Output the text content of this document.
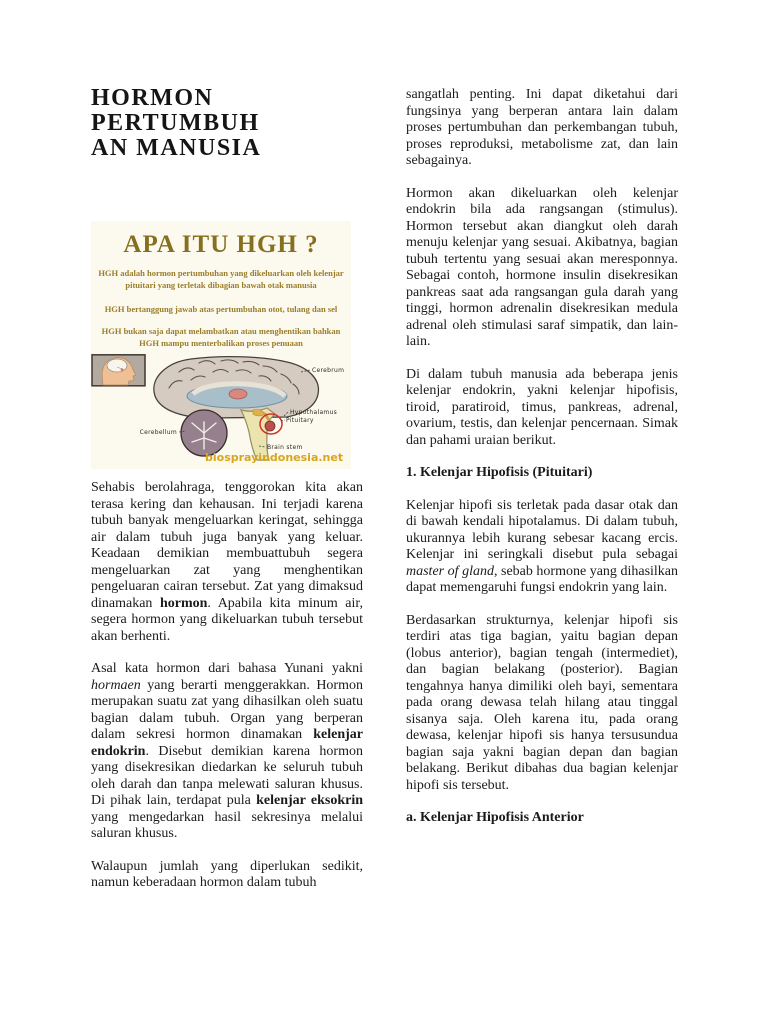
HORMON PERTUMBUH
AN MANUSIA
APA ITU HGH ?
HGH adalah hormon pertumbuhan yang dikeluarkan oleh kelenjar pituitari yang terletak dibagian bawah otak manusia
HGH bertanggung jawab atas pertumbuhan otot, tulang dan sel
HGH bukan saja dapat melambatkan atau menghentikan bahkan HGH mampu menterbalikan proses penuaan
Cerebrum
Hypothalamus
Pituitary
Cerebellum
Brain stem
biosprayindonesia.net

Sehabis berolahraga, tenggorokan kita akan terasa kering dan kehausan. Ini terjadi karena tubuh banyak mengeluarkan keringat, sehingga air dalam tubuh juga banyak yang keluar. Keadaan demikian membuattubuh segera mengeluarkan zat yang menghentikan pengeluaran cairan tersebut. Zat yang dimaksud dinamakan hormon. Apabila kita minum air, segera hormon yang dikeluarkan tubuh tersebut akan berhenti.

Asal kata hormon dari bahasa Yunani yakni hormaen yang berarti menggerakkan. Hormon merupakan suatu zat yang dihasilkan oleh suatu bagian dalam tubuh. Organ yang berperan dalam sekresi hormon dinamakan kelenjar endokrin. Disebut demikian karena hormon yang disekresikan diedarkan ke seluruh tubuh oleh darah dan tanpa melewati saluran khusus. Di pihak lain, terdapat pula kelenjar eksokrin yang mengedarkan hasil sekresinya melalui saluran khusus.

Walaupun jumlah yang diperlukan sedikit, namun keberadaan hormon dalam tubuh

sangatlah penting. Ini dapat diketahui dari fungsinya yang berperan antara lain dalam proses pertumbuhan dan perkembangan tubuh, proses reproduksi, metabolisme zat, dan lain sebagainya.

Hormon akan dikeluarkan oleh kelenjar endokrin bila ada rangsangan (stimulus). Hormon tersebut akan diangkut oleh darah menuju kelenjar yang sesuai. Akibatnya, bagian tubuh tertentu yang sesuai akan meresponnya. Sebagai contoh, hormone insulin disekresikan pankreas saat ada rangsangan gula darah yang tinggi, hormon adrenalin disekresikan medula adrenal oleh stimulasi saraf simpatik, dan lain-lain.

Di dalam tubuh manusia ada beberapa jenis kelenjar endokrin, yakni kelenjar hipofisis, tiroid, paratiroid, timus, pankreas, adrenal, ovarium, testis, dan kelenjar pencernaan. Simak dan pahami uraian berikut.

1. Kelenjar Hipofisis (Pituitari)

Kelenjar hipofi sis terletak pada dasar otak dan di bawah kendali hipotalamus. Di dalam tubuh, ukurannya lebih kurang sebesar kacang ercis. Kelenjar ini seringkali disebut pula sebagai master of gland, sebab hormone yang dihasilkan dapat memengaruhi fungsi endokrin yang lain.

Berdasarkan strukturnya, kelenjar hipofi sis terdiri atas tiga bagian, yaitu bagian depan (lobus anterior), bagian tengah (intermediet), dan bagian belakang (posterior). Bagian tengahnya hanya dimiliki oleh bayi, sementara pada orang dewasa telah hilang atau tinggal sisanya saja. Oleh karena itu, pada orang dewasa, kelenjar hipofi sis hanya tersusundua bagian saja yakni bagian depan dan bagian belakang. Berikut dibahas dua bagian kelenjar hipofi sis tersebut.

a. Kelenjar Hipofisis Anterior
